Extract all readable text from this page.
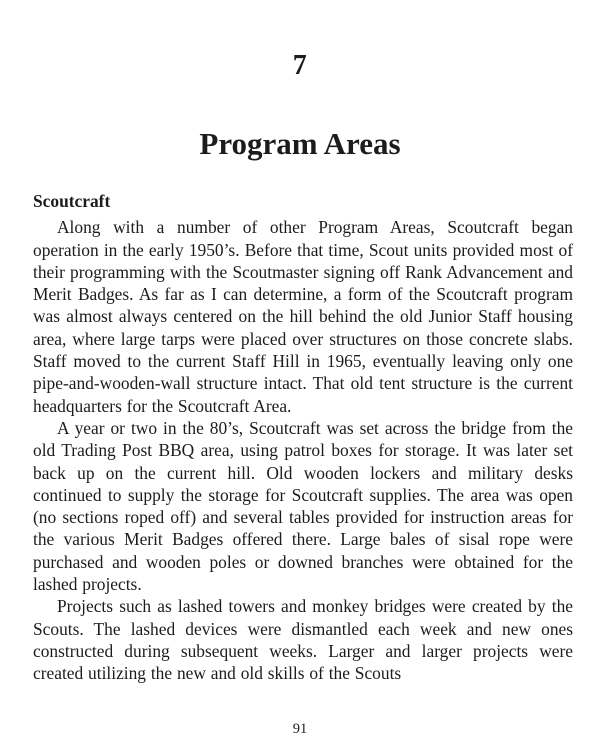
7
Program Areas
Scoutcraft

Along with a number of other Program Areas, Scoutcraft began operation in the early 1950’s. Before that time, Scout units provided most of their programming with the Scoutmaster signing off Rank Advancement and Merit Badges. As far as I can determine, a form of the Scoutcraft program was almost always centered on the hill behind the old Junior Staff housing area, where large tarps were placed over structures on those concrete slabs. Staff moved to the current Staff Hill in 1965, eventually leaving only one pipe-and-wooden-wall structure intact. That old tent structure is the current headquarters for the Scoutcraft Area.

A year or two in the 80’s, Scoutcraft was set across the bridge from the old Trading Post BBQ area, using patrol boxes for storage. It was later set back up on the current hill. Old wooden lockers and military desks continued to supply the storage for Scoutcraft supplies. The area was open (no sections roped off) and several tables provided for instruction areas for the various Merit Badges offered there. Large bales of sisal rope were purchased and wooden poles or downed branches were obtained for the lashed projects.

Projects such as lashed towers and monkey bridges were created by the Scouts. The lashed devices were dismantled each week and new ones constructed during subsequent weeks. Larger and larger projects were created utilizing the new and old skills of the Scouts

91
